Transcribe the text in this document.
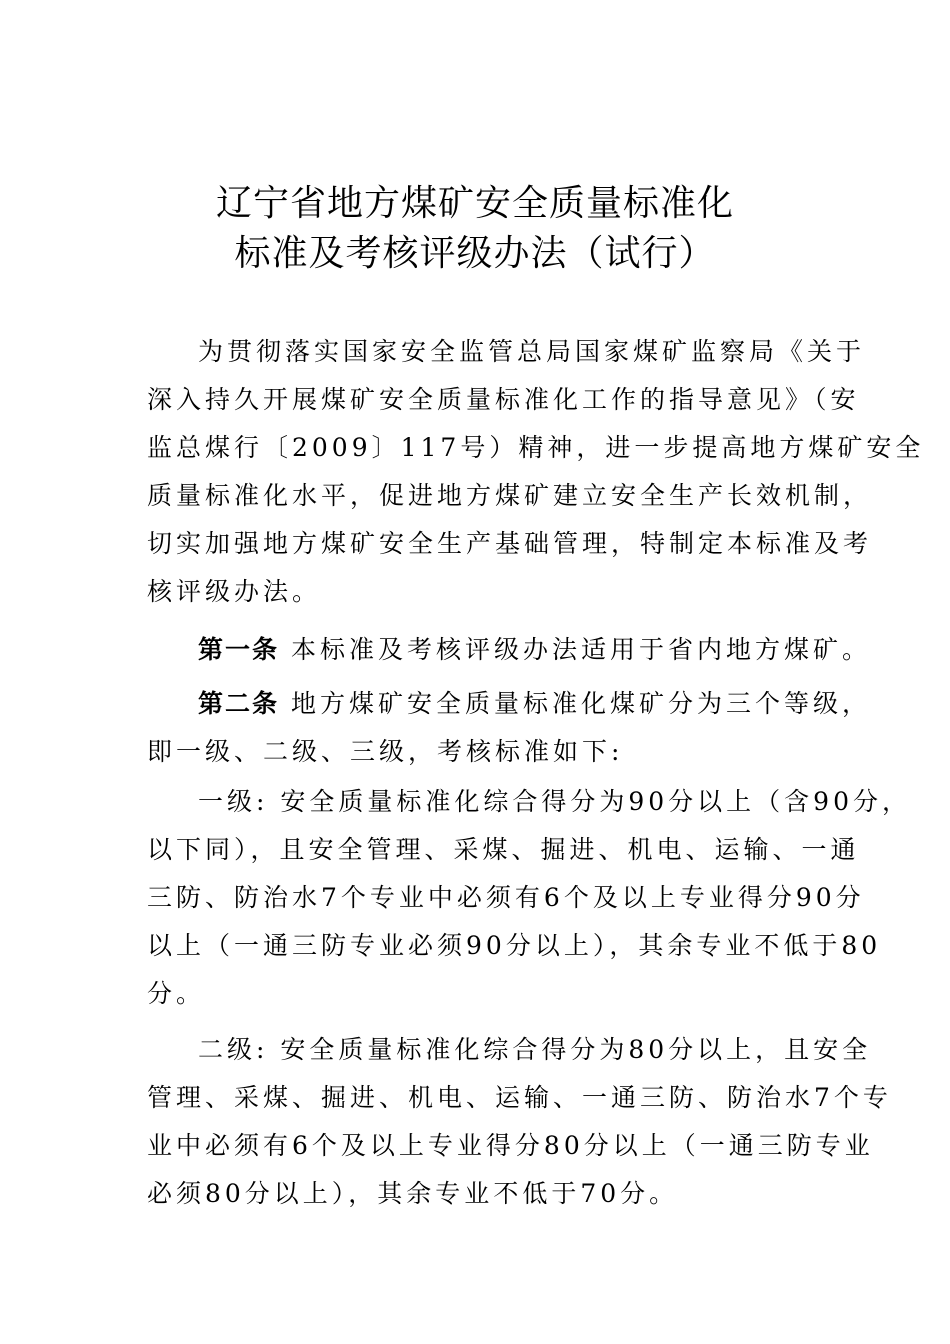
辽宁省地方煤矿安全质量标准化
标准及考核评级办法（试行）
为贯彻落实国家安全监管总局国家煤矿监察局《关于
深入持久开展煤矿安全质量标准化工作的指导意见》（安
监总煤行〔2009〕117号）精神，进一步提高地方煤矿安全
质量标准化水平，促进地方煤矿建立安全生产长效机制，
切实加强地方煤矿安全生产基础管理，特制定本标准及考
核评级办法。
第一条 本标准及考核评级办法适用于省内地方煤矿。
第二条 地方煤矿安全质量标准化煤矿分为三个等级，
即一级、二级、三级，考核标准如下:
一级: 安全质量标准化综合得分为90分以上（含90分，
以下同），且安全管理、采煤、掘进、机电、运输、一通
三防、防治水7个专业中必须有6个及以上专业得分90分
以上（一通三防专业必须90分以上），其余专业不低于80
分。
二级: 安全质量标准化综合得分为80分以上，且安全
管理、采煤、掘进、机电、运输、一通三防、防治水7个专
业中必须有6个及以上专业得分80分以上（一通三防专业
必须80分以上），其余专业不低于70分。
